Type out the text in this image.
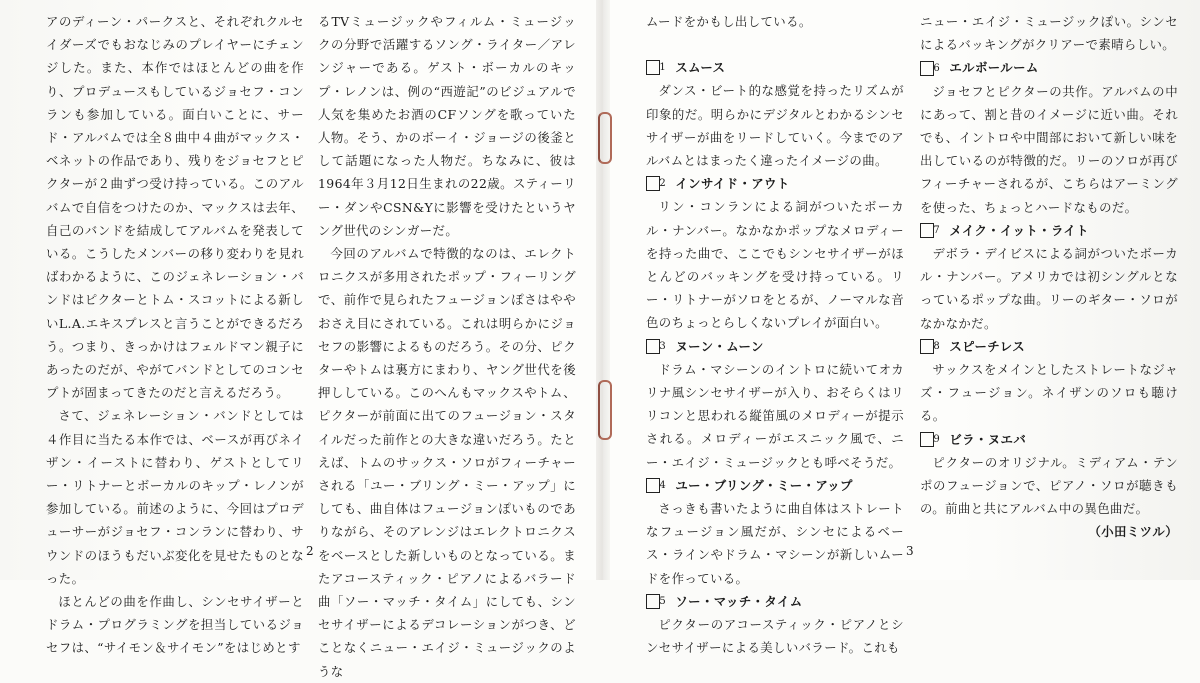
アのディーン・パークスと、それぞれクルセイダーズでもおなじみのプレイヤーにチェンジした。また、本作ではほとんどの曲を作り、プロデュースもしているジョセフ・コンランも参加している。面白いことに、サード・アルバムでは全８曲中４曲がマックス・ベネットの作品であり、残りをジョセフとピクターが２曲ずつ受け持っている。このアルバムで自信をつけたのか、マックスは去年、自己のバンドを結成してアルバムを発表している。こうしたメンバーの移り変わりを見ればわかるように、このジェネレーション・バンドはピクターとトム・スコットによる新しいL.A.エキスプレスと言うことができるだろう。つまり、きっかけはフェルドマン親子にあったのだが、やがてバンドとしてのコンセプトが固まってきたのだと言えるだろう。

さて、ジェネレーション・バンドとしては４作目に当たる本作では、ベースが再びネイザン・イーストに替わり、ゲストとしてリー・リトナーとボーカルのキップ・レノンが参加している。前述のように、今回はプロデューサーがジョセフ・コンランに替わり、サウンドのほうもだいぶ変化を見せたものとなった。

ほとんどの曲を作曲し、シンセサイザーとドラム・プログラミングを担当しているジョセフは、“サイモン＆サイモン”をはじめとす

るTVミュージックやフィルム・ミュージックの分野で活躍するソング・ライター／アレンジャーである。ゲスト・ボーカルのキップ・レノンは、例の“西遊記”のビジュアルで人気を集めたお酒のCFソングを歌っていた人物。そう、かのボーイ・ジョージの後釜として話題になった人物だ。ちなみに、彼は1964年３月12日生まれの22歳。スティーリー・ダンやCSN&Yに影響を受けたというヤング世代のシンガーだ。

今回のアルバムで特徴的なのは、エレクトロニクスが多用されたポップ・フィーリングで、前作で見られたフュージョンぽさはややおさえ目にされている。これは明らかにジョセフの影響によるものだろう。その分、ピクターやトムは裏方にまわり、ヤング世代を後押ししている。このへんもマックスやトム、ピクターが前面に出てのフュージョン・スタイルだった前作との大きな違いだろう。たとえば、トムのサックス・ソロがフィーチャーされる「ユー・ブリング・ミー・アップ」にしても、曲自体はフュージョンぽいものでありながら、そのアレンジはエレクトロニクスをベースとした新しいものとなっている。またアコースティック・ピアノによるバラード曲「ソー・マッチ・タイム」にしても、シンセサイザーによるデコレーションがつき、どことなくニュー・エイジ・ミュージックのような

ムードをかもし出している。

1 スムース

ダンス・ビート的な感覚を持ったリズムが印象的だ。明らかにデジタルとわかるシンセサイザーが曲をリードしていく。今までのアルバムとはまったく違ったイメージの曲。

2 インサイド・アウト

リン・コンランによる詞がついたボーカル・ナンバー。なかなかポップなメロディーを持った曲で、ここでもシンセサイザーがほとんどのバッキングを受け持っている。リー・リトナーがソロをとるが、ノーマルな音色のちょっとらしくないプレイが面白い。

3 ヌーン・ムーン

ドラム・マシーンのイントロに続いてオカリナ風シンセサイザーが入り、おそらくはリリコンと思われる縦笛風のメロディーが提示される。メロディーがエスニック風で、ニー・エイジ・ミュージックとも呼べそうだ。

4 ユー・ブリング・ミー・アップ

さっきも書いたように曲自体はストレートなフュージョン風だが、シンセによるベース・ラインやドラム・マシーンが新しいムードを作っている。

5 ソー・マッチ・タイム

ピクターのアコースティック・ピアノとシンセサイザーによる美しいバラード。これも

ニュー・エイジ・ミュージックぽい。シンセによるバッキングがクリアーで素晴らしい。

6 エルボールーム

ジョセフとピクターの共作。アルバムの中にあって、割と昔のイメージに近い曲。それでも、イントロや中間部において新しい味を出しているのが特徴的だ。リーのソロが再びフィーチャーされるが、こちらはアーミングを使った、ちょっとハードなものだ。

7 メイク・イット・ライト

デボラ・デイビスによる詞がついたボーカル・ナンバー。アメリカでは初シングルとなっているポップな曲。リーのギター・ソロがなかなかだ。

8 スピーチレス

サックスをメインとしたストレートなジャズ・フュージョン。ネイザンのソロも聴ける。

9 ビラ・ヌエバ

ピクターのオリジナル。ミディアム・テンポのフュージョンで、ピアノ・ソロが聴きもの。前曲と共にアルバム中の異色曲だ。

（小田ミツル）

2	3
